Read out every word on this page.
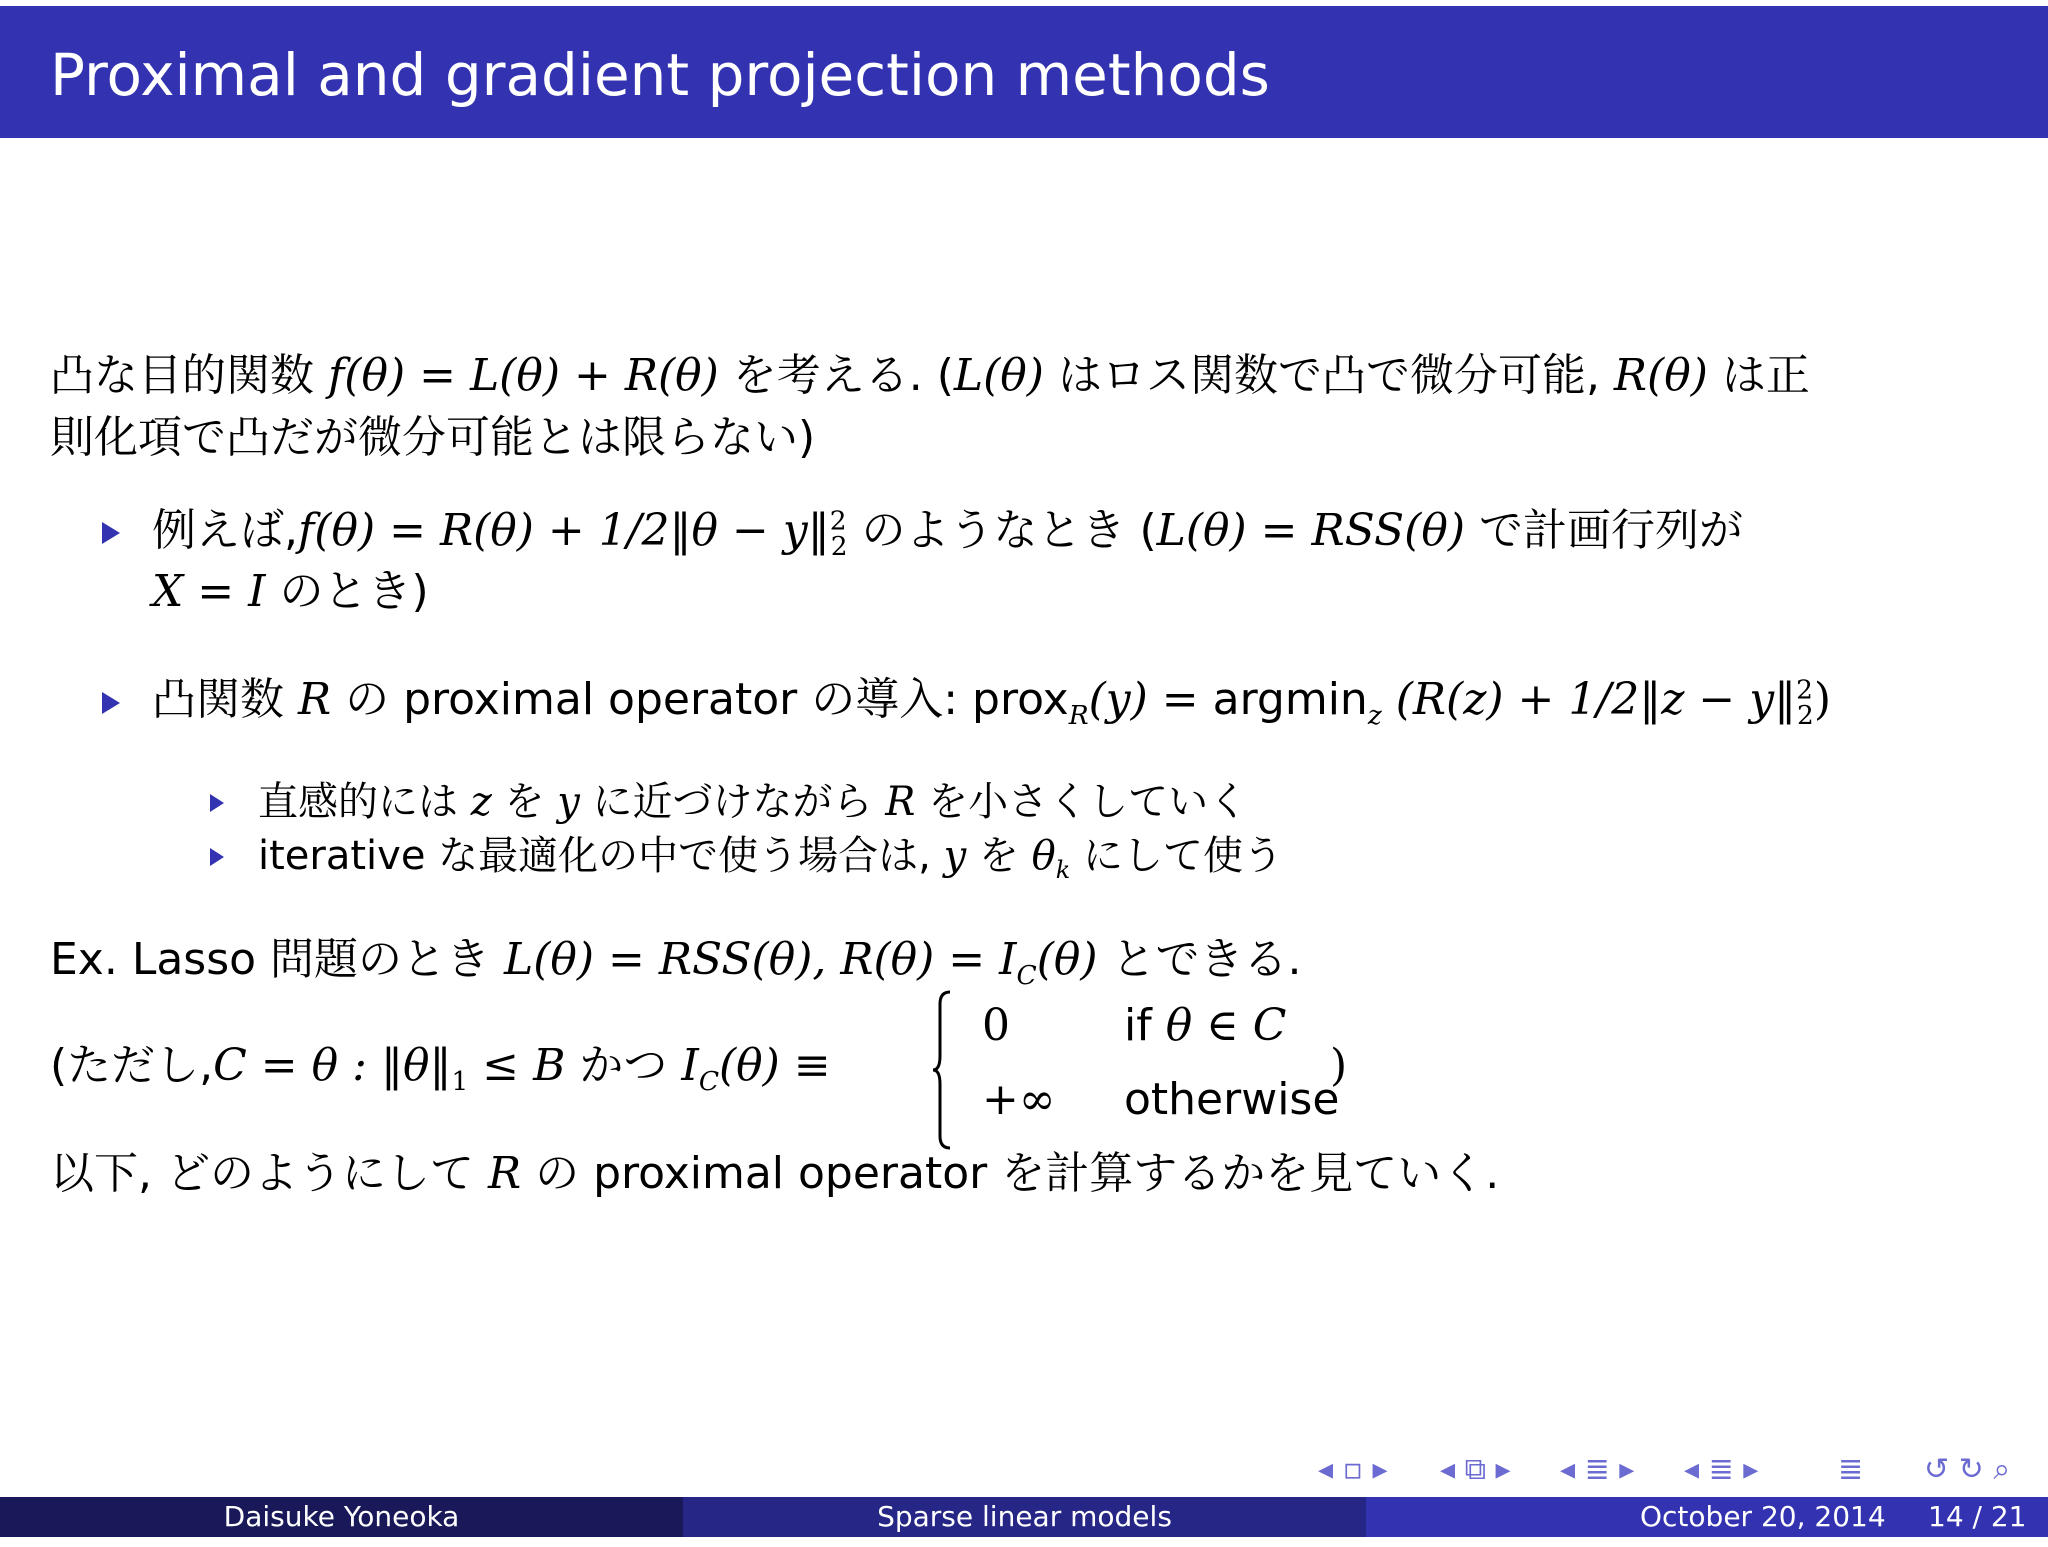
Proximal and gradient projection methods
凸な目的関数 f(θ) = L(θ) + R(θ) を考える. (L(θ) はロス関数で凸で微分可能, R(θ) は正
則化項で凸だが微分可能とは限らない)
例えば,f(θ) = R(θ) + 1/2‖θ − y‖$^2_2$ のようなとき (L(θ) = RSS(θ) で計画行列が
X = I のとき)
凸関数 R の proximal operator の導入: prox$_R$(y) = argmin$_z$ (R(z) + 1/2‖z − y‖$^2_2$)
直感的には z を y に近づけながら R を小さくしていく
iterative な最適化の中で使う場合は, y を $\theta_k$ にして使う
Ex. Lasso 問題のとき L(θ) = RSS(θ), $R(\theta) = I_C(\theta)$ とできる.
(ただし,C = θ : $‖\theta‖_1 \le B$ かつ $I_C(\theta)$ ≡
0	if θ ∈ C
+∞ otherwise
)
以下, どのようにして R の proximal operator を計算するかを見ていく.
◂ ▫ ▸ ◂ ⧉ ▸ ◂ ≣ ▸ ◂ ≣ ▸	≣ ↺ ↻ ⌕
Daisuke Yoneoka	Sparse linear models	October 20, 2014 14 / 21
